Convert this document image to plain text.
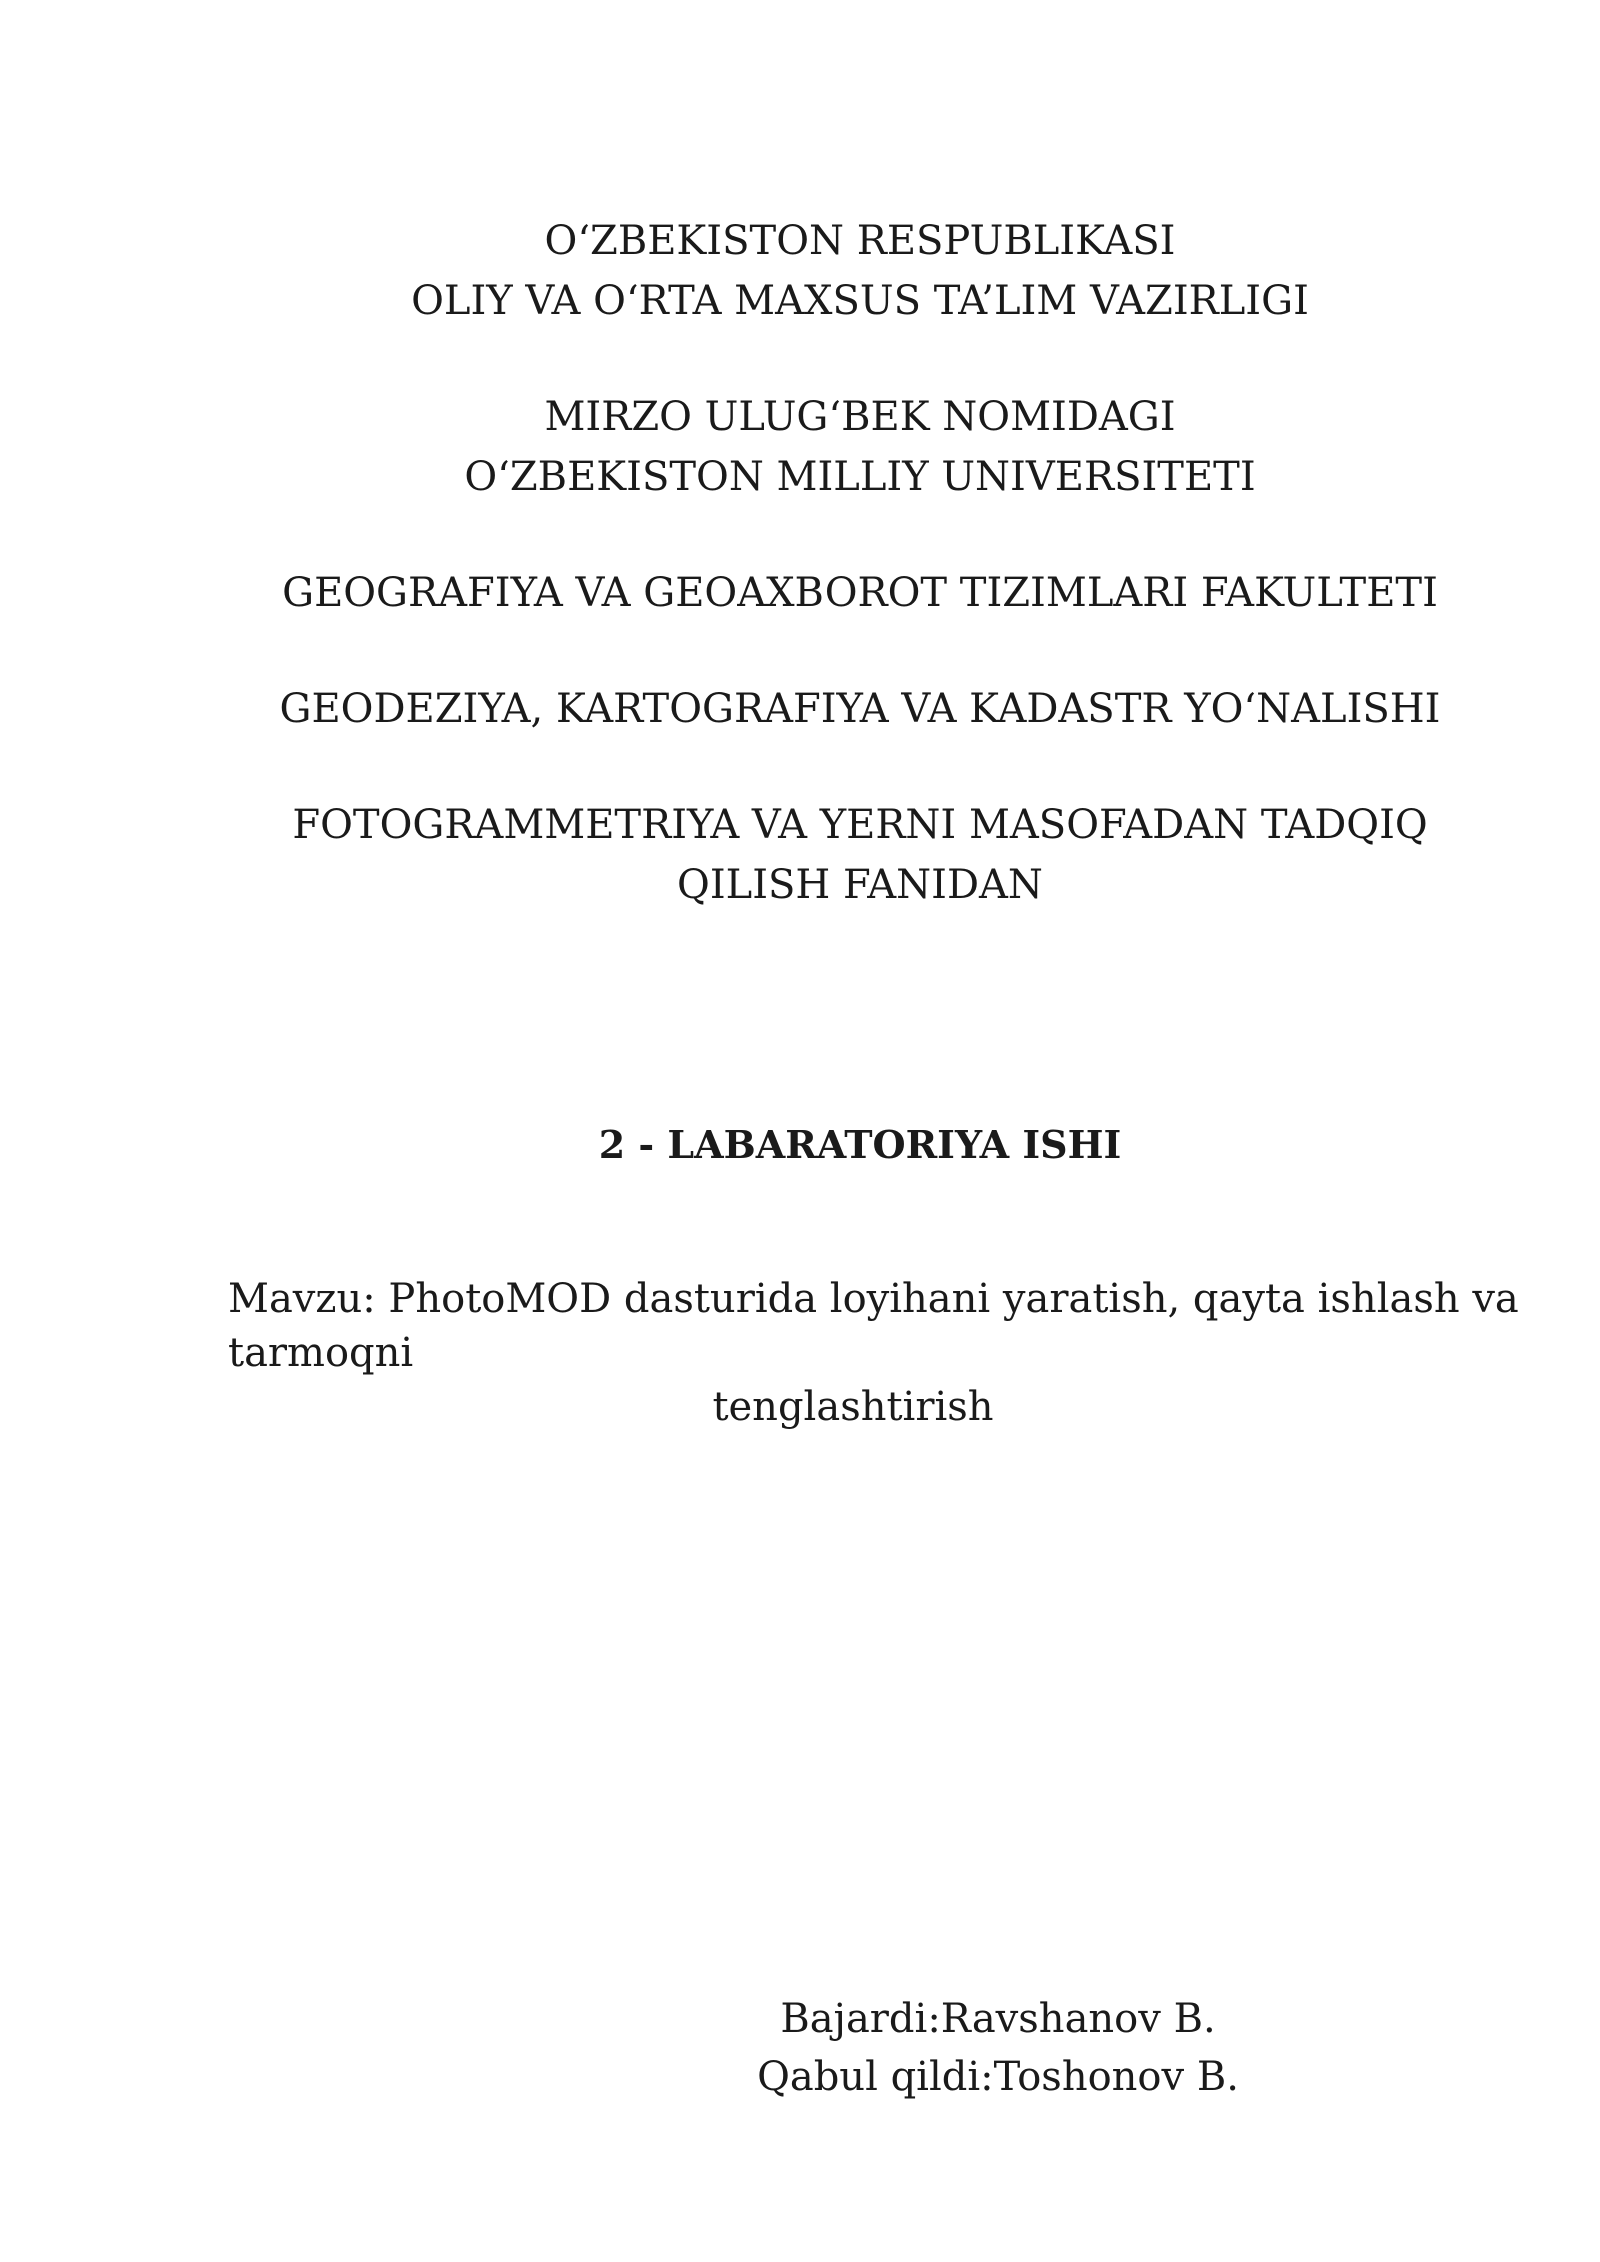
O‘ZBEKISTON RESPUBLIKASI
OLIY VA O‘RTA MAXSUS TA’LIM VAZIRLIGI
MIRZO ULUG‘BEK NOMIDAGI
O‘ZBEKISTON MILLIY UNIVERSITETI
GEOGRAFIYA VA GEOAXBOROT TIZIMLARI FAKULTETI
GEODEZIYA, KARTOGRAFIYA VA KADASTR YO‘NALISHI
FOTOGRAMMETRIYA VA YERNI MASOFADAN TADQIQ
QILISH FANIDAN
2 - LABARATORIYA ISHI
Mavzu: PhotoMOD dasturida loyihani yaratish, qayta ishlash va
tarmoqni
tenglashtirish
Bajardi:Ravshanov B.
Qabul qildi:Toshonov B.
